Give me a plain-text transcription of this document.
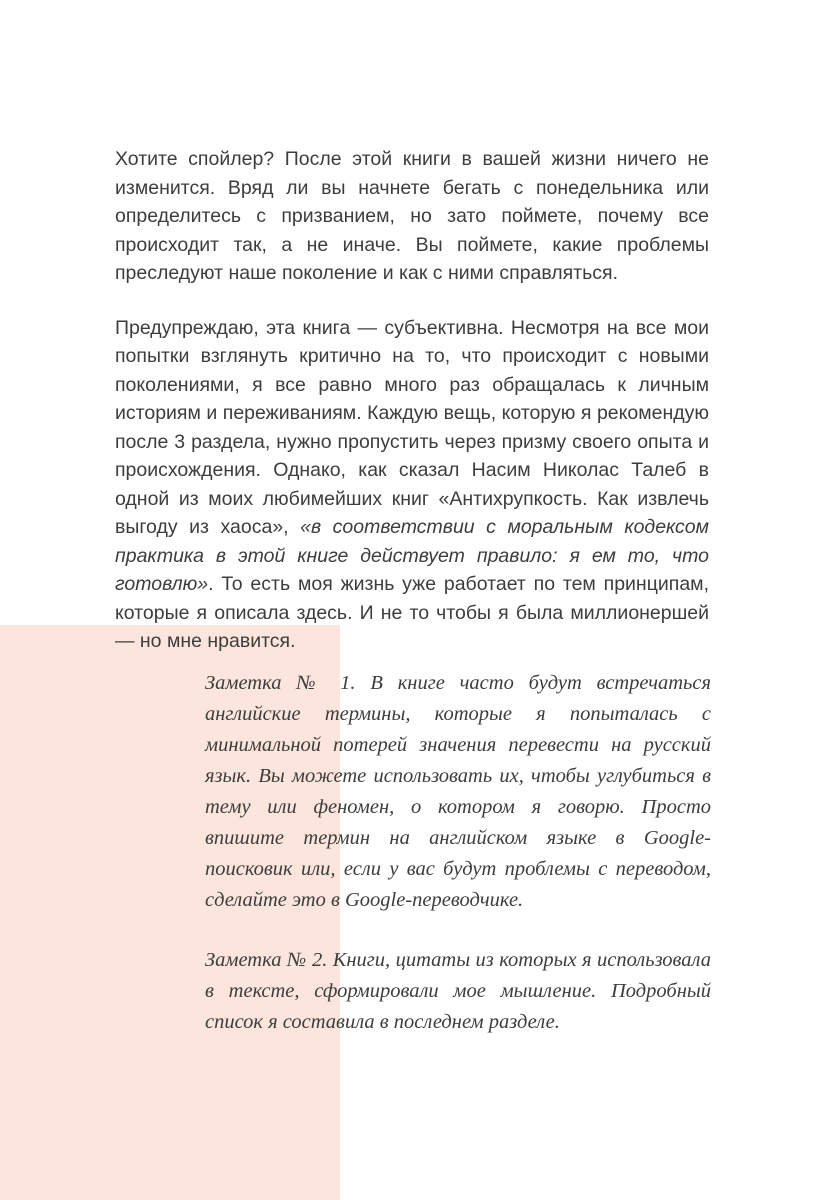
Хотите спойлер? После этой книги в вашей жизни ничего не изменится. Вряд ли вы начнете бегать с понедельника или определитесь с призванием, но зато поймете, почему все происходит так, а не иначе. Вы поймете, какие проблемы преследуют наше поколение и как с ними справляться.

Предупреждаю, эта книга — субъективна. Несмотря на все мои попытки взглянуть критично на то, что происходит с новыми поколениями, я все равно много раз обращалась к личным историям и переживаниям. Каждую вещь, которую я рекомендую после 3 раздела, нужно пропустить через призму своего опыта и происхождения. Однако, как сказал Насим Николас Талеб в одной из моих любимейших книг «Антихрупкость. Как извлечь выгоду из хаоса», «в соответствии с моральным кодексом практика в этой книге действует правило: я ем то, что готовлю». То есть моя жизнь уже работает по тем принципам, которые я описала здесь. И не то чтобы я была миллионершей — но мне нравится.

Заметка № 1. В книге часто будут встречаться английские термины, которые я попыталась с минимальной потерей значения перевести на русский язык. Вы можете использовать их, чтобы углубиться в тему или феномен, о котором я говорю. Просто впишите термин на английском языке в Google-поисковик или, если у вас будут проблемы с переводом, сделайте это в Google-переводчике.

Заметка № 2. Книги, цитаты из которых я использовала в тексте, сформировали мое мышление. Подробный список я составила в последнем разделе.
